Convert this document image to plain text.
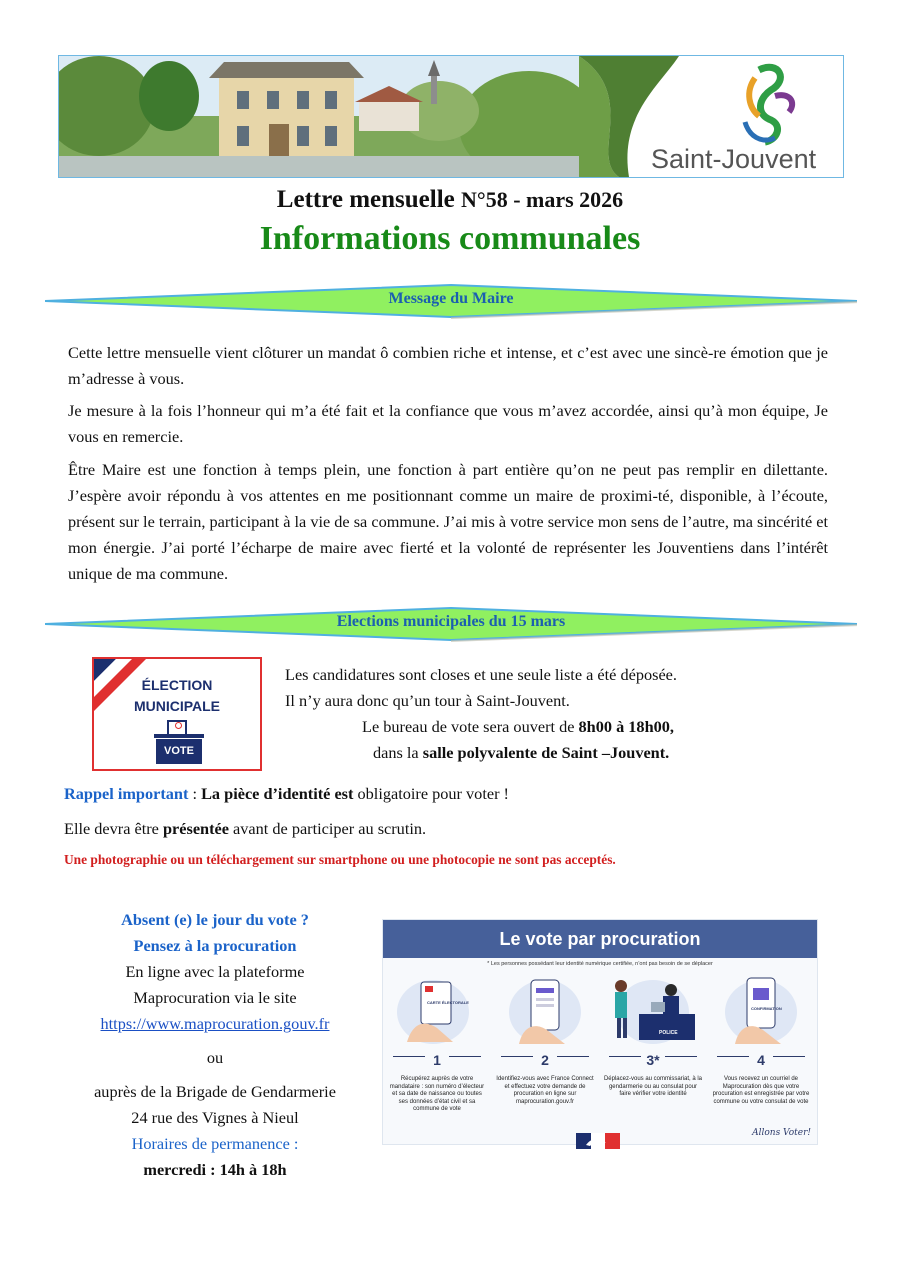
Saint-Jouvent
Lettre mensuelle N°58 - mars 2026
Informations communales
Message du Maire
Cette lettre mensuelle vient clôturer un mandat ô combien riche et intense, et c’est avec une sincè-re émotion que je m’adresse à vous.
Je mesure à la fois l’honneur qui m’a été fait et la confiance que vous m’avez accordée, ainsi qu’à mon équipe, Je vous en remercie.
Être Maire est une fonction à temps plein, une fonction à part entière qu’on ne peut pas remplir en dilettante. J’espère avoir répondu à vos attentes en me positionnant comme un maire de proximi-té, disponible, à l’écoute, présent sur le terrain, participant à la vie de sa commune. J’ai mis à votre service mon sens de l’autre, ma sincérité et mon énergie. J’ai porté l’écharpe de maire avec fierté et la volonté de représenter les Jouventiens dans l’intérêt unique de ma commune.
Elections municipales du 15 mars
ÉLECTION
MUNICIPALE
VOTE
Les candidatures sont closes et une seule liste a été déposée.
Il n’y aura donc qu’un tour à Saint-Jouvent.
Le bureau de vote sera ouvert de 8h00 à 18h00,
dans la salle polyvalente de Saint –Jouvent.
Rappel important : La pièce d’identité est obligatoire pour voter !
Elle devra être présentée avant de participer au scrutin.
Une photographie ou un téléchargement sur smartphone ou une photocopie ne sont pas acceptés.
Absent (e) le jour du vote ?
Pensez à la procuration
En ligne avec la plateforme
Maprocuration via le site
https://www.maprocuration.gouv.fr
ou
auprès de la Brigade de Gendarmerie
24 rue des Vignes à Nieul
Horaires de permanence :
mercredi : 14h à 18h
Le vote par procuration
* Les personnes possédant leur identité numérique certifiée, n’ont pas besoin de se déplacer
CARTE ÉLECTORALE
1
Récupérez auprès de votre mandataire : son numéro d’électeur et sa date de naissance ou toutes ses données d’état civil et sa commune de vote
2
Identifiez-vous avec France Connect et effectuez votre demande de procuration en ligne sur maprocuration.gouv.fr
POLICE
3*
Déplacez-vous au commissariat, à la gendarmerie ou au consulat pour faire vérifier votre identité
CONFIRMATION
4
Vous recevez un courriel de Maprocuration dès que votre procuration est enregistrée par votre commune ou votre consulat de vote
Allons Voter!
